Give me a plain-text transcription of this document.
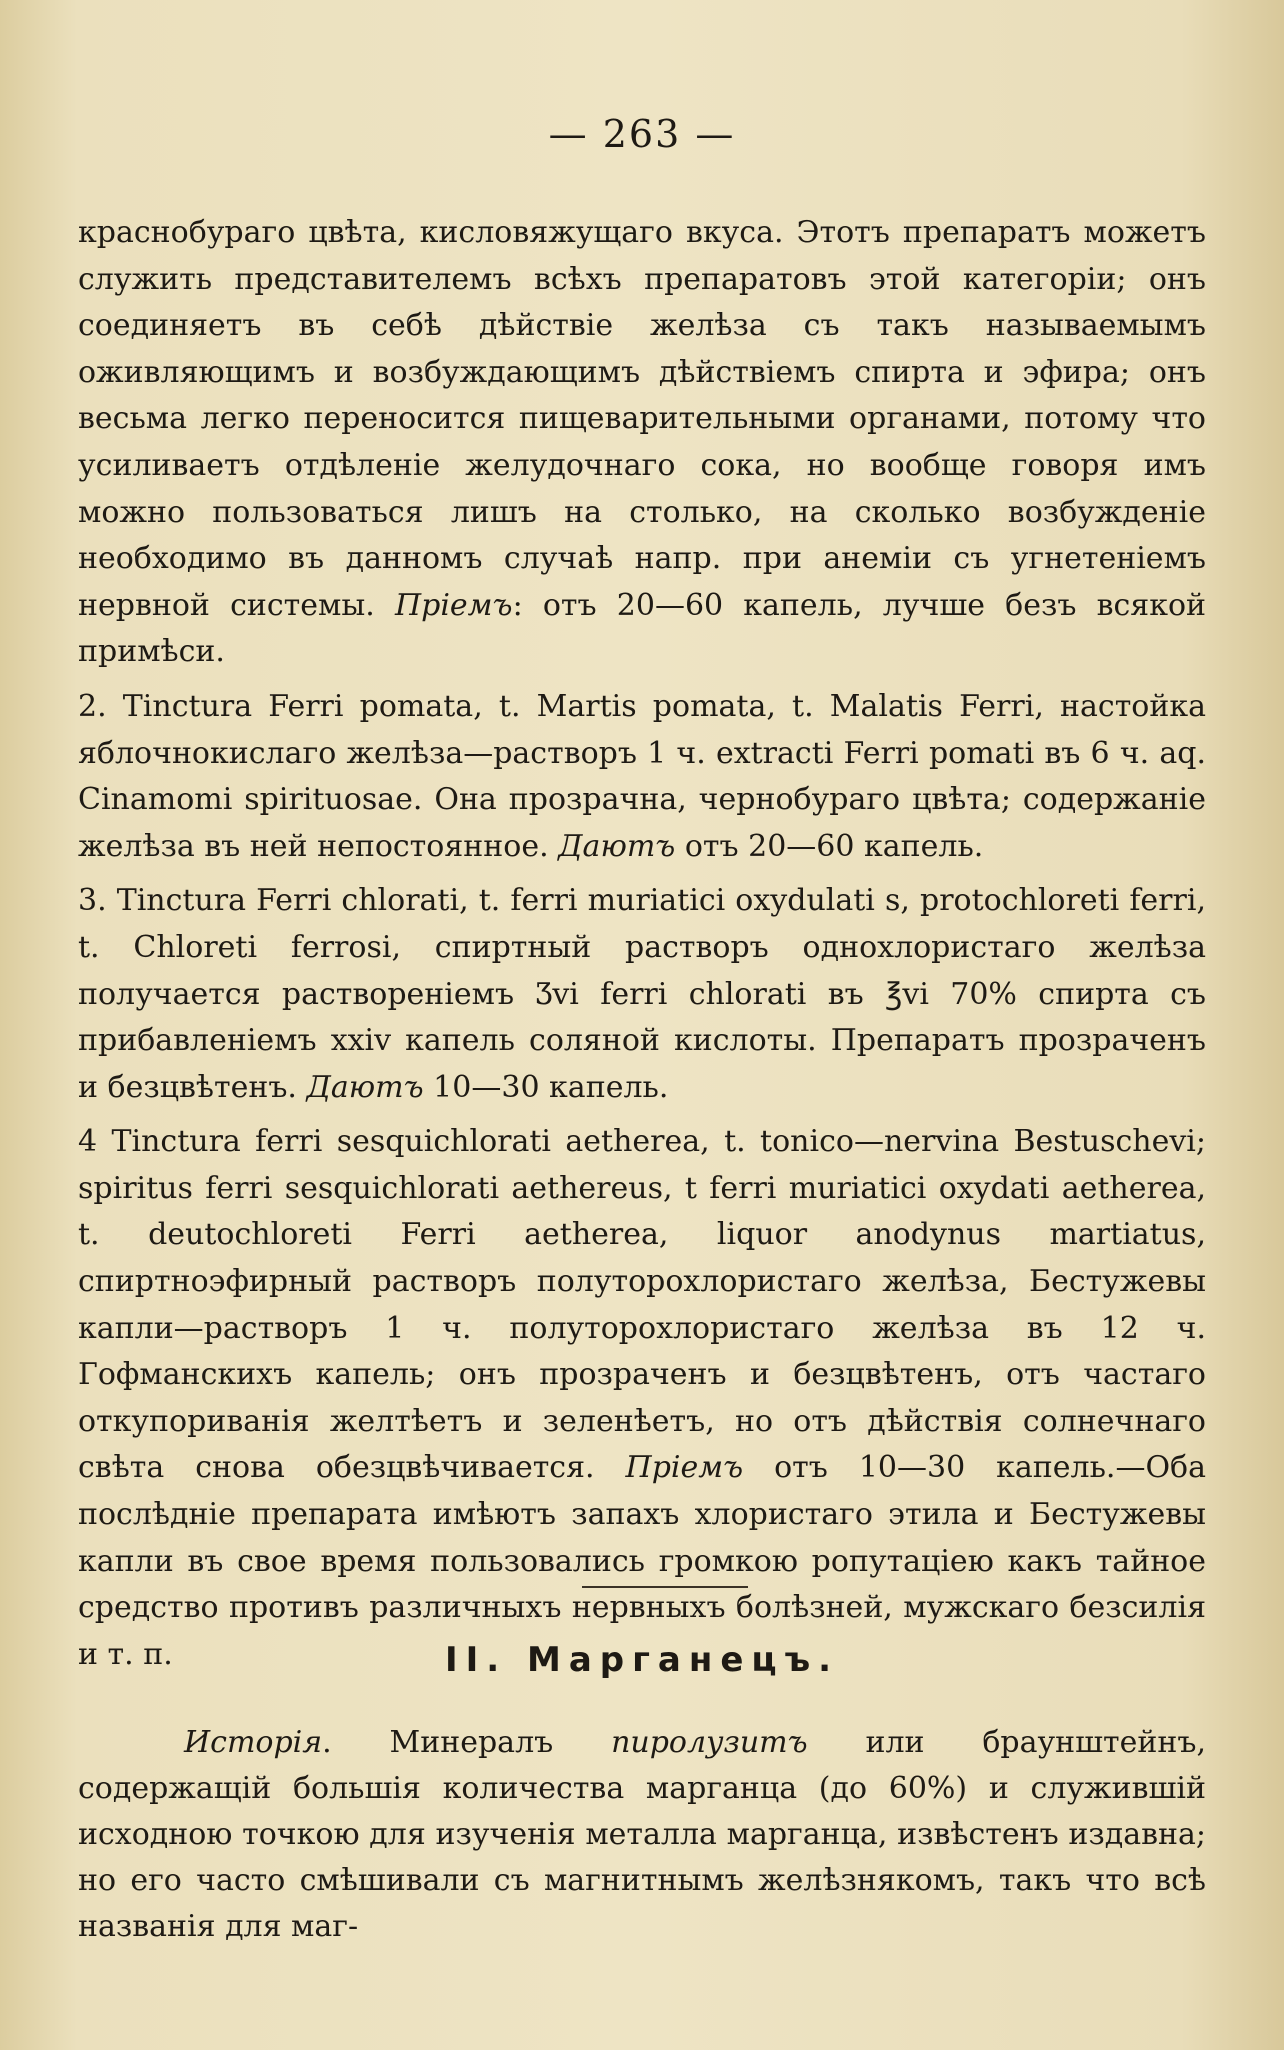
— 263 —

краснобураго цвѣта, кисловяжущаго вкуса. Этотъ препаратъ можетъ служить представителемъ всѣхъ препаратовъ этой категоріи; онъ соединяетъ въ себѣ дѣйствіе желѣза съ такъ называемымъ оживляющимъ и возбуждающимъ дѣйствіемъ спирта и эфира; онъ весьма легко переносится пищеварительными органами, потому что усиливаетъ отдѣленіе желудочнаго сока, но вообще говоря имъ можно пользоваться лишъ на столько, на сколько возбужденіе необходимо въ данномъ случаѣ напр. при анеміи съ угнетеніемъ нервной системы. Пріемъ: отъ 20—60 капель, лучше безъ всякой примѣси.

2. Tinctura Ferri pomata, t. Martis pomata, t. Malatis Ferri, настойка яблочнокислаго желѣза—растворъ 1 ч. extracti Ferri pomati въ 6 ч. aq. Cinamomi spirituosae. Она прозрачна, чернобураго цвѣта; содержаніе желѣза въ ней непостоянное. Даютъ отъ 20—60 капель.

3. Tinctura Ferri chlorati, t. ferri muriatici oxydulati s, protochloreti ferri, t. Chloreti ferrosi, спиртный растворъ однохлористаго желѣза получается раствореніемъ Ʒvi ferri chlorati въ ℥vi 70% спирта съ прибавленіемъ xxiv капель соляной кислоты. Препаратъ прозраченъ и безцвѣтенъ. Даютъ 10—30 капель.

4 Tinctura ferri sesquichlorati aetherea, t. tonico—nervina Bestuschevi; spiritus ferri sesquichlorati aethereus, t ferri muriatici oxydati aetherea, t. deutochloreti Ferri aetherea, liquor anodynus martiatus, спиртноэфирный растворъ полуторохлористаго желѣза, Бестужевы капли—растворъ 1 ч. полуторохлористаго желѣза въ 12 ч. Гофманскихъ капель; онъ прозраченъ и безцвѣтенъ, отъ частаго откупориванія желтѣетъ и зеленѣетъ, но отъ дѣйствія солнечнаго свѣта снова обезцвѣчивается. Пріемъ отъ 10—30 капель.—Оба послѣдніе препарата имѣютъ запахъ хлористаго этила и Бестужевы капли въ свое время пользовались громкою ропутаціею какъ тайное средство противъ различныхъ нервныхъ болѣзней, мужскаго безсилія и т. п.	II. Марганецъ.

Исторія. Минералъ пиролузитъ или браунштейнъ, содержащій большія количества марганца (до 60%) и служившій исходною точкою для изученія металла марганца, извѣстенъ издавна; но его часто смѣшивали съ магнитнымъ желѣзнякомъ, такъ что всѣ названія для маг-
